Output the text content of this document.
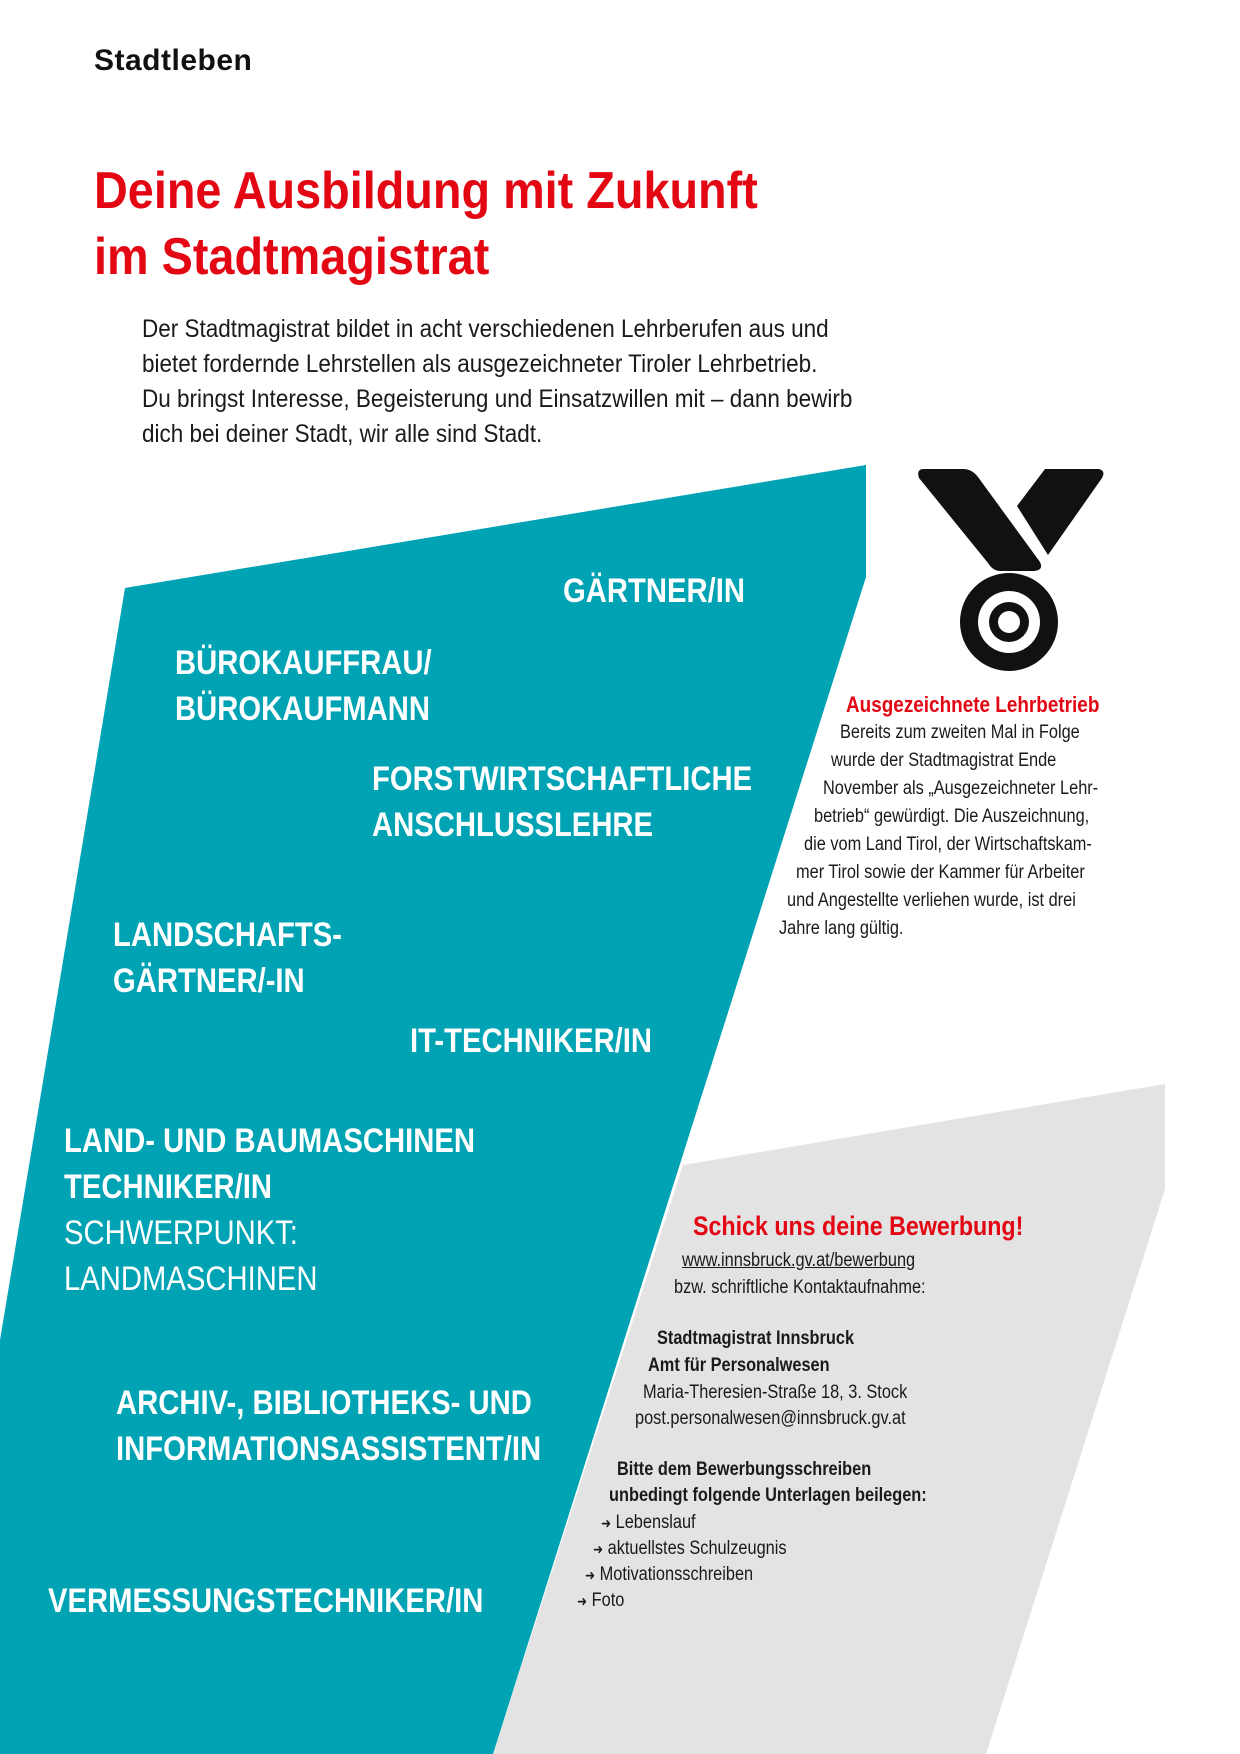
Stadtleben
Deine Ausbildung mit Zukunft
im Stadtmagistrat
Der Stadtmagistrat bildet in acht verschiedenen Lehrberufen aus und
bietet fordernde Lehrstellen als ausgezeichneter Tiroler Lehrbetrieb.
Du bringst Interesse, Begeisterung und Einsatzwillen mit – dann bewirb
dich bei deiner Stadt, wir alle sind Stadt.
GÄRTNER/IN
BÜROKAUFFRAU/
BÜROKAUFMANN
FORSTWIRTSCHAFTLICHE
ANSCHLUSSLEHRE
LANDSCHAFTS-
GÄRTNER/-IN
IT-TECHNIKER/IN
LAND- UND BAUMASCHINEN
TECHNIKER/IN
SCHWERPUNKT:
LANDMASCHINEN
ARCHIV-, BIBLIOTHEKS- UND
INFORMATIONSASSISTENT/IN
VERMESSUNGSTECHNIKER/IN
Ausgezeichnete Lehrbetrieb
Bereits zum zweiten Mal in Folge
wurde der Stadtmagistrat Ende
November als „Ausgezeichneter Lehr-
betrieb“ gewürdigt. Die Auszeichnung,
die vom Land Tirol, der Wirtschaftskam-
mer Tirol sowie der Kammer für Arbeiter
und Angestellte verliehen wurde, ist drei
Jahre lang gültig.
Schick uns deine Bewerbung!
www.innsbruck.gv.at/bewerbung
bzw. schriftliche Kontaktaufnahme:
Stadtmagistrat Innsbruck
Amt für Personalwesen
Maria-Theresien-Straße 18, 3. Stock
post.personalwesen@innsbruck.gv.at
Bitte dem Bewerbungsschreiben
unbedingt folgende Unterlagen beilegen:
➜ Lebenslauf
➜ aktuellstes Schulzeugnis
➜ Motivationsschreiben
➜ Foto
